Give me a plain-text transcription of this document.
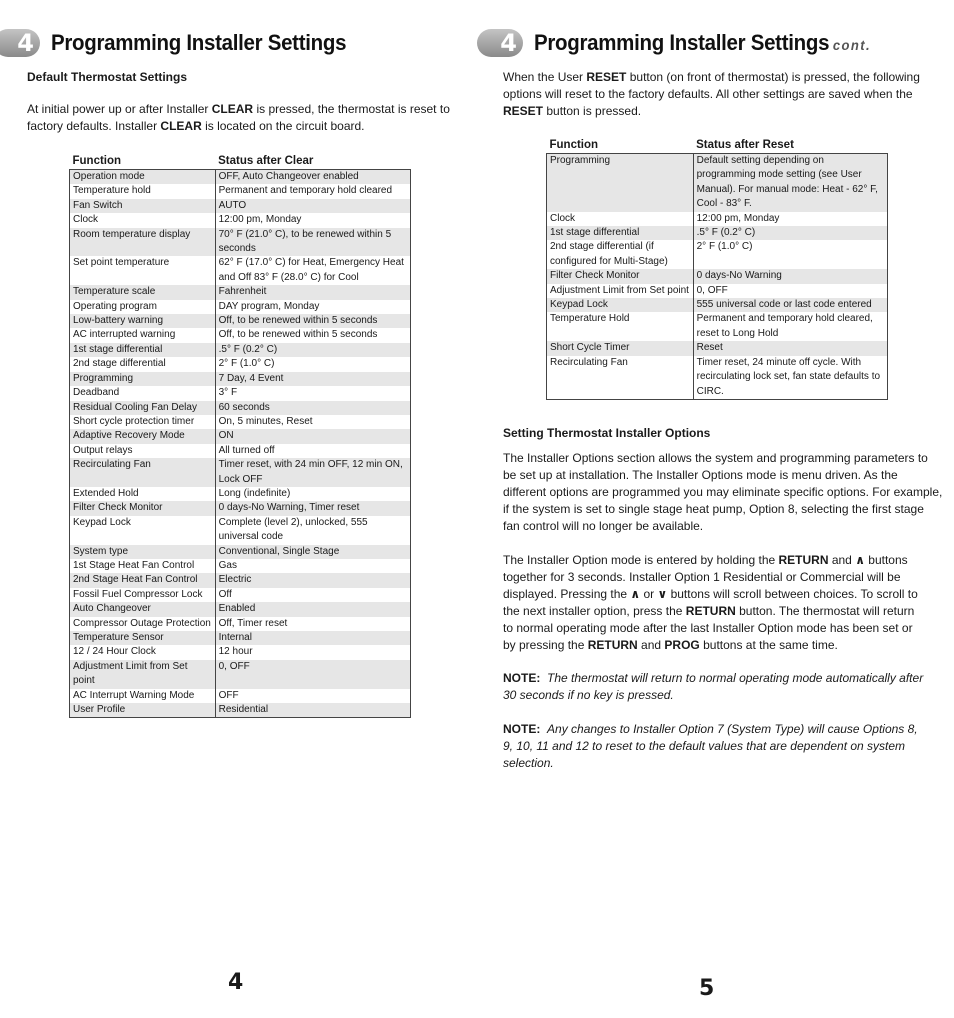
4 Programming Installer Settings
Default Thermostat Settings
At initial power up or after Installer CLEAR is pressed, the thermostat is reset to factory defaults. Installer CLEAR is located on the circuit board.
Function	Status after Clear
Operation mode	OFF, Auto Changeover enabled
Temperature hold	Permanent and temporary hold cleared
Fan Switch	AUTO
Clock	12:00 pm, Monday
Room temperature display	70° F (21.0° C), to be renewed within 5 seconds
Set point temperature	62° F (17.0° C) for Heat, Emergency Heat and Off 83° F (28.0° C) for Cool
Temperature scale	Fahrenheit
Operating program	DAY program, Monday
Low-battery warning	Off, to be renewed within 5 seconds
AC interrupted warning	Off, to be renewed within 5 seconds
1st stage differential	.5° F (0.2° C)
2nd stage differential	2° F (1.0° C)
Programming	7 Day, 4 Event
Deadband	3° F
Residual Cooling Fan Delay	60 seconds
Short cycle protection timer	On, 5 minutes, Reset
Adaptive Recovery Mode	ON
Output relays	All turned off
Recirculating Fan	Timer reset, with 24 min OFF, 12 min ON, Lock OFF
Extended Hold	Long (indefinite)
Filter Check Monitor	0 days-No Warning, Timer reset
Keypad Lock	Complete (level 2), unlocked, 555 universal code
System type	Conventional, Single Stage
1st Stage Heat Fan Control	Gas
2nd Stage Heat Fan Control	Electric
Fossil Fuel Compressor Lock	Off
Auto Changeover	Enabled
Compressor Outage Protection	Off, Timer reset
Temperature Sensor	Internal
12 / 24 Hour Clock	12 hour
Adjustment Limit from Set point	0, OFF
AC Interrupt Warning Mode	OFF
User Profile	Residential
4
4 Programming Installer Settings cont.
When the User RESET button (on front of thermostat) is pressed, the following options will reset to the factory defaults. All other settings are saved when the RESET button is pressed.
Function	Status after Reset
Programming	Default setting depending on programming mode setting (see User Manual). For manual mode: Heat - 62° F, Cool - 83° F.
Clock	12:00 pm, Monday
1st stage differential	.5° F (0.2° C)
2nd stage differential (if configured for Multi-Stage)	2° F (1.0° C)
Filter Check Monitor	0 days-No Warning
Adjustment Limit from Set point	0, OFF
Keypad Lock	555 universal code or last code entered
Temperature Hold	Permanent and temporary hold cleared, reset to Long Hold
Short Cycle Timer	Reset
Recirculating Fan	Timer reset, 24 minute off cycle. With recirculating lock set, fan state defaults to CIRC.
Setting Thermostat Installer Options
The Installer Options section allows the system and programming parameters to be set up at installation. The Installer Options mode is menu driven. As the different options are programmed you may eliminate specific options. For example, if the system is set to single stage heat pump, Option 8, selecting the first stage fan control will no longer be available.
The Installer Option mode is entered by holding the RETURN and ∧ buttons together for 3 seconds. Installer Option 1 Residential or Commercial will be displayed. Pressing the ∧ or ∨ buttons will scroll between choices. To scroll to the next installer option, press the RETURN button. The thermostat will return to normal operating mode after the last Installer Option mode has been set or by pressing the RETURN and PROG buttons at the same time.
NOTE: The thermostat will return to normal operating mode automatically after 30 seconds if no key is pressed.
NOTE: Any changes to Installer Option 7 (System Type) will cause Options 8, 9, 10, 11 and 12 to reset to the default values that are dependent on system selection.
5
